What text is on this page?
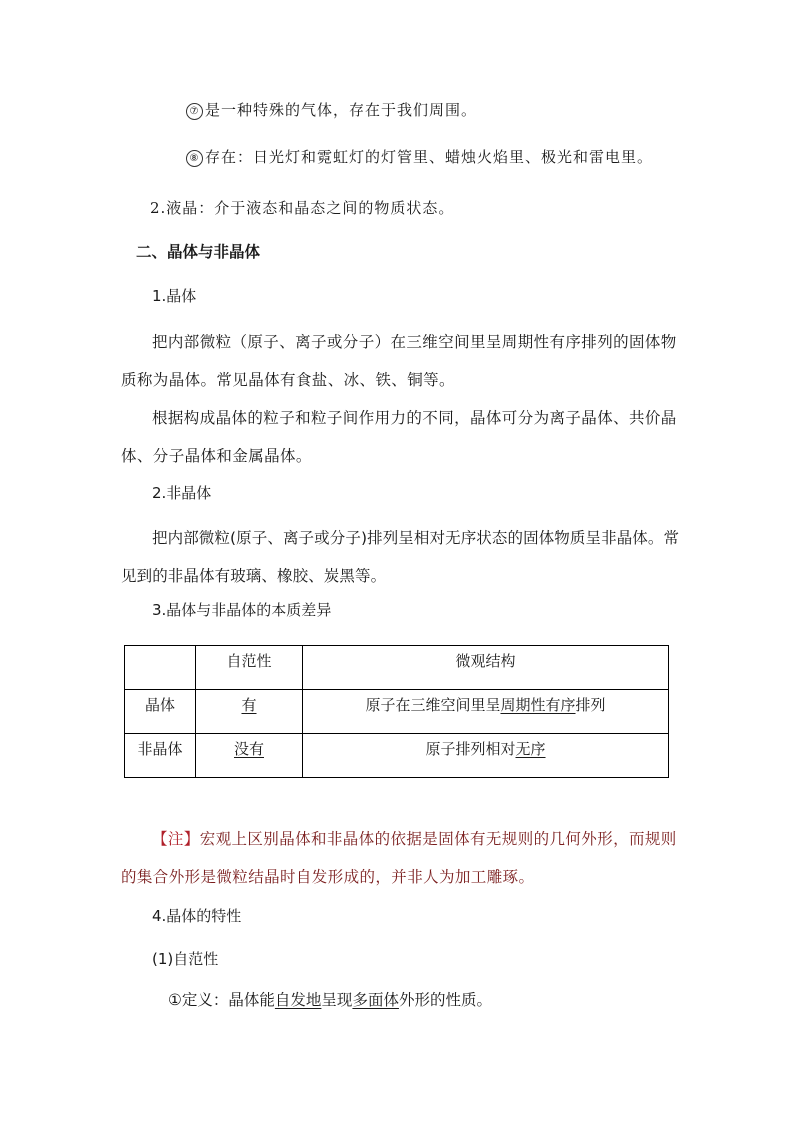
⑦ 是一种特殊的气体，存在于我们周围。
⑧ 存在：日光灯和霓虹灯的灯管里、蜡烛火焰里、极光和雷电里。
2.液晶：介于液态和晶态之间的物质状态。
二、晶体与非晶体
1.晶体
把内部微粒（原子、离子或分子）在三维空间里呈周期性有序排列的固体物质称为晶体。常见晶体有食盐、冰、铁、铜等。
根据构成晶体的粒子和粒子间作用力的不同，晶体可分为离子晶体、共价晶体、分子晶体和金属晶体。
2.非晶体
把内部微粒(原子、离子或分子)排列呈相对无序状态的固体物质呈非晶体。常见到的非晶体有玻璃、橡胶、炭黑等。
3.晶体与非晶体的本质差异
	自范性	微观结构
晶体	有	原子在三维空间里呈周期性有序排列
非晶体	没有	原子排列相对无序
【注】宏观上区别晶体和非晶体的依据是固体有无规则的几何外形，而规则的集合外形是微粒结晶时自发形成的，并非人为加工雕琢。
4.晶体的特性
(1)自范性
①定义：晶体能自发地呈现多面体外形的性质。
